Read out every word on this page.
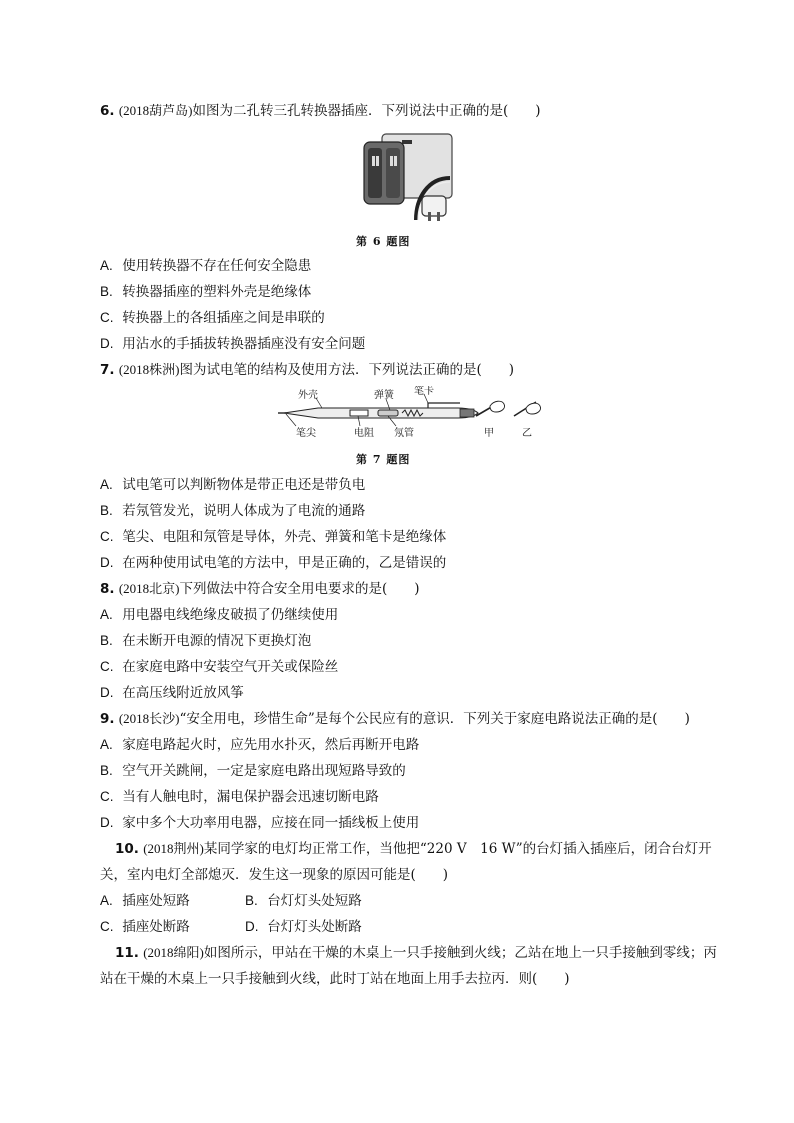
6. (2018葫芦岛)如图为二孔转三孔转换器插座．下列说法中正确的是(　　)
第 6 题图
A. 使用转换器不存在任何安全隐患
B. 转换器插座的塑料外壳是绝缘体
C. 转换器上的各组插座之间是串联的
D. 用沾水的手插拔转换器插座没有安全问题
7. (2018株洲)图为试电笔的结构及使用方法．下列说法正确的是(　　)
外壳	弹簧 笔卡
笔尖	电阻 氖管	甲	乙
第 7 题图
A. 试电笔可以判断物体是带正电还是带负电
B. 若氖管发光，说明人体成为了电流的通路
C. 笔尖、电阻和氖管是导体，外壳、弹簧和笔卡是绝缘体
D. 在两种使用试电笔的方法中，甲是正确的，乙是错误的
8. (2018北京)下列做法中符合安全用电要求的是(　　)
A. 用电器电线绝缘皮破损了仍继续使用
B. 在未断开电源的情况下更换灯泡
C. 在家庭电路中安装空气开关或保险丝
D. 在高压线附近放风筝
9. (2018长沙)“安全用电，珍惜生命”是每个公民应有的意识．下列关于家庭电路说法正确的是(　　)
A. 家庭电路起火时，应先用水扑灭，然后再断开电路
B. 空气开关跳闸，一定是家庭电路出现短路导致的
C. 当有人触电时，漏电保护器会迅速切断电路
D. 家中多个大功率用电器，应接在同一插线板上使用
10. (2018荆州)某同学家的电灯均正常工作，当他把“220 V　16 W”的台灯插入插座后，闭合台灯开
关，室内电灯全部熄灭．发生这一现象的原因可能是(　　)
A. 插座处短路	B. 台灯灯头处短路
C. 插座处断路	D. 台灯灯头处断路
11. (2018绵阳)如图所示，甲站在干燥的木桌上一只手接触到火线；乙站在地上一只手接触到零线；丙
站在干燥的木桌上一只手接触到火线，此时丁站在地面上用手去拉丙．则(　　)
